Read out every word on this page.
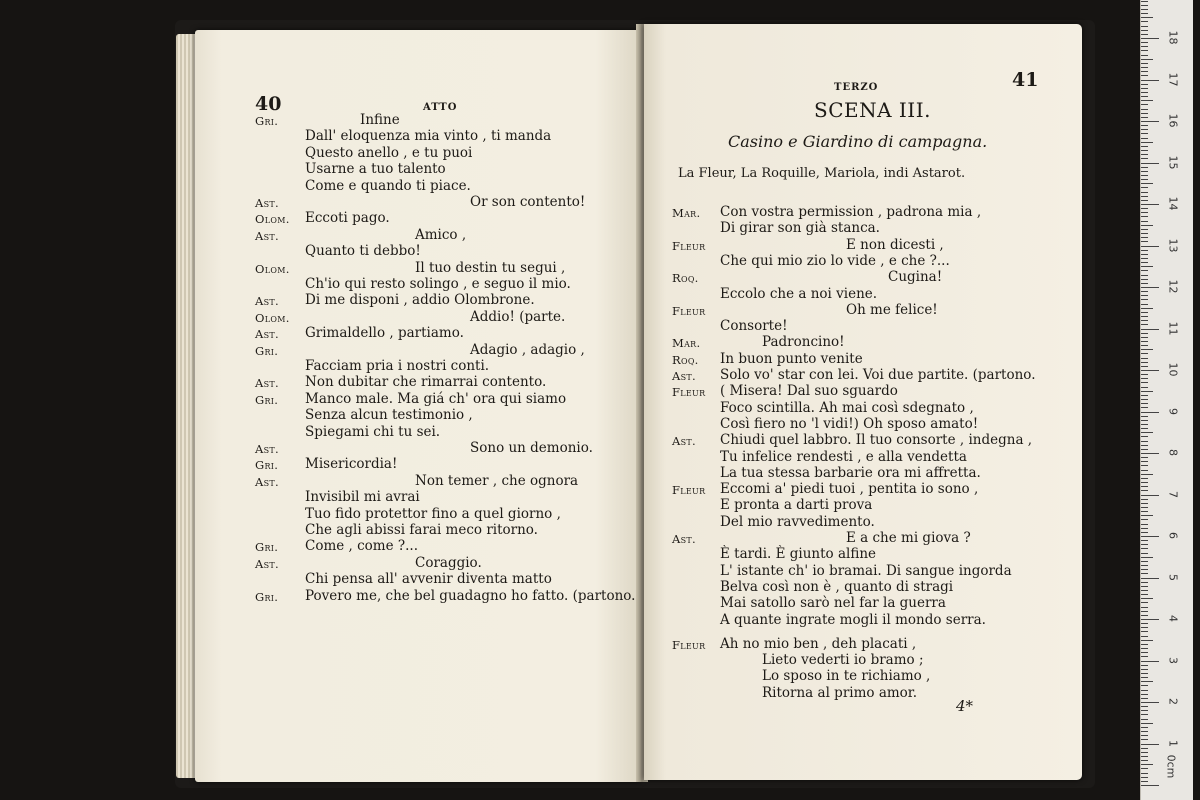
40	ATTO
Gri.	Infine
Dall' eloquenza mia vinto , ti manda
Questo anello , e tu puoi
Usarne a tuo talento
Come e quando ti piace.
Ast.	Or son contento!
Olom. Eccoti pago.
Ast.	Amico ,
Quanto ti debbo!
Olom.	Il tuo destin tu segui ,
Ch'io qui resto solingo , e seguo il mio.
Ast. Di me disponi , addio Olombrone.
Olom.	Addio! (parte.
Ast. Grimaldello , partiamo.
Gri.	Adagio , adagio ,
Facciam pria i nostri conti.
Ast. Non dubitar che rimarrai contento.
Gri. Manco male. Ma giá ch' ora qui siamo
Senza alcun testimonio ,
Spiegami chi tu sei.
Ast.	Sono un demonio.
Gri. Misericordia!
Ast.	Non temer , che ognora
Invisibil mi avrai
Tuo fido protettor fino a quel giorno ,
Che agli abissi farai meco ritorno.
Gri. Come , come ?...
Ast.	Coraggio.
Chi pensa all' avvenir diventa matto
Gri. Povero me, che bel guadagno ho fatto. (partono.
TERZO	41
SCENA III.
Casino e Giardino di campagna.
La Fleur, La Roquille, Mariola, indi Astarot.
Mar. Con vostra permission , padrona mia ,
Di girar son già stanca.
Fleur	E non dicesti ,
Che qui mio zio lo vide , e che ?...
Roq.	Cugina!
Eccolo che a noi viene.
Fleur	Oh me felice!
Consorte!
Mar.	Padroncino!
Roq. In buon punto venite
Ast. Solo vo' star con lei. Voi due partite. (partono.
Fleur ( Misera! Dal suo sguardo
Foco scintilla. Ah mai così sdegnato ,
Così fiero no 'l vidi!) Oh sposo amato!
Ast. Chiudi quel labbro. Il tuo consorte , indegna ,
Tu infelice rendesti , e alla vendetta
La tua stessa barbarie ora mi affretta.
Fleur Eccomi a' piedi tuoi , pentita io sono ,
E pronta a darti prova
Del mio ravvedimento.
Ast.	E a che mi giova ?
È tardi. È giunto alfine
L' istante ch' io bramai. Di sangue ingorda
Belva così non è , quanto di stragi
Mai satollo sarò nel far la guerra
A quante ingrate mogli il mondo serra.
Fleur Ah no mio ben , deh placati ,
Lieto vederti io bramo ;
Lo sposo in te richiamo ,
Ritorna al primo amor.
4*
1
2
3
4
5
6
7
8
9
10
11
12
13
14
15
16
17
18
0cm
